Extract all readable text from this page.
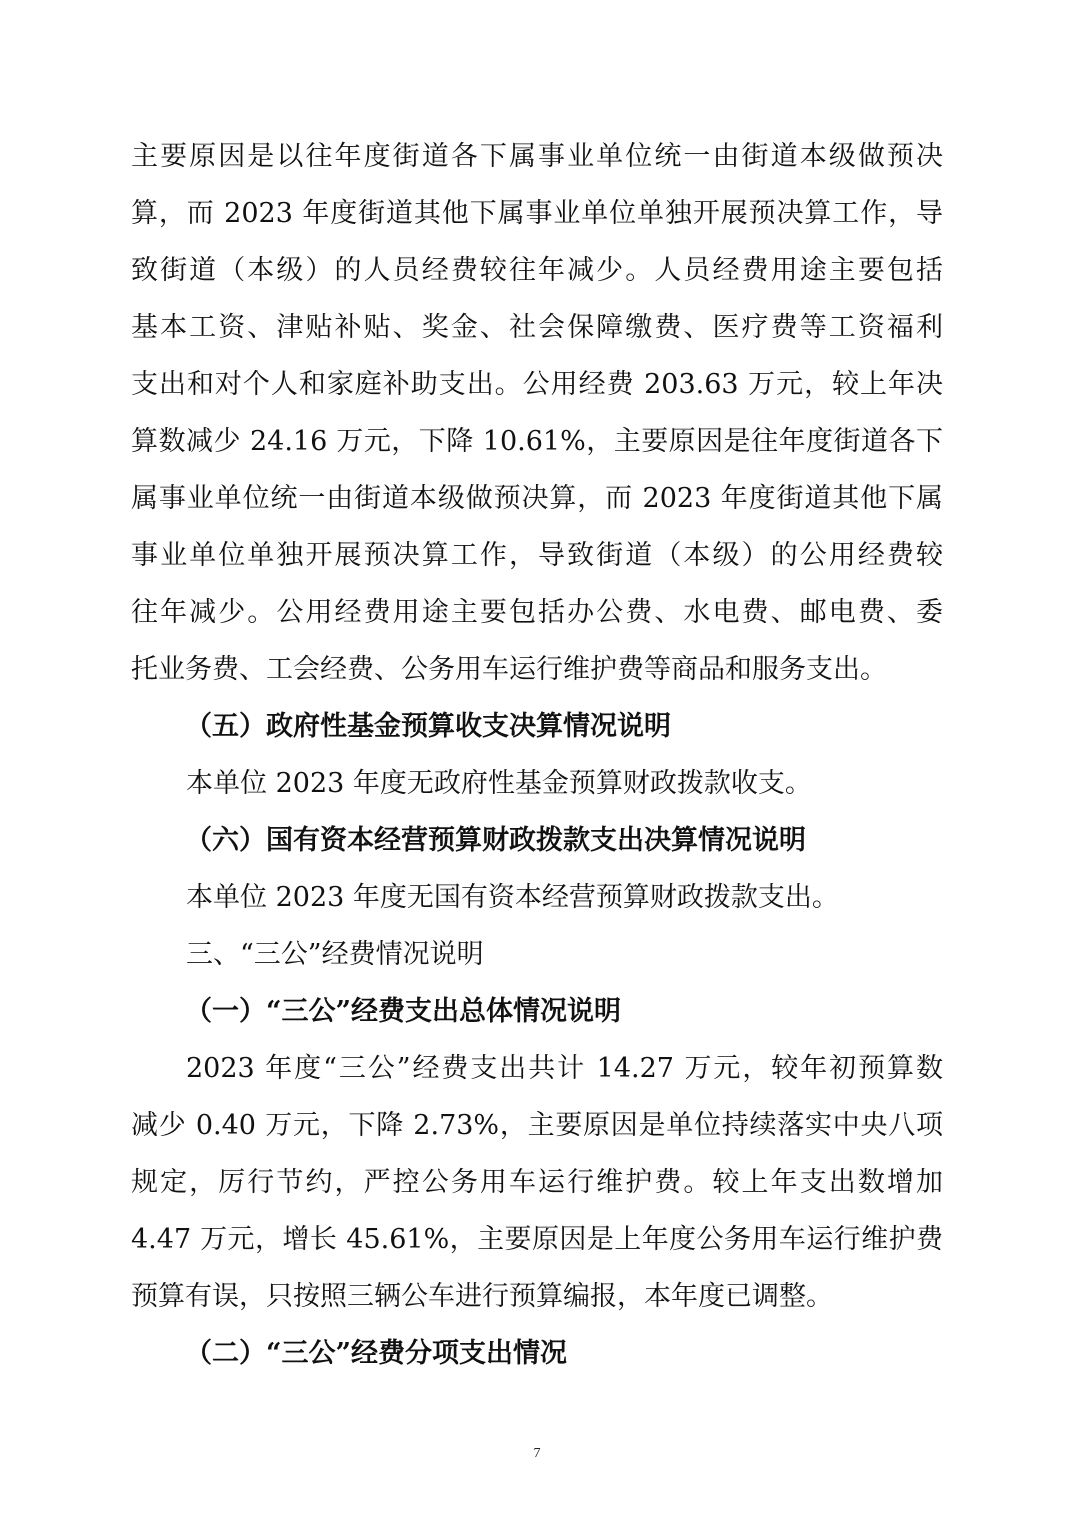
主要原因是以往年度街道各下属事业单位统一由街道本级做预决
算，而 2023 年度街道其他下属事业单位单独开展预决算工作，导
致街道（本级）的人员经费较往年减少。人员经费用途主要包括
基本工资、津贴补贴、奖金、社会保障缴费、医疗费等工资福利
支出和对个人和家庭补助支出。公用经费 203.63 万元，较上年决
算数减少 24.16 万元，下降 10.61%，主要原因是往年度街道各下
属事业单位统一由街道本级做预决算，而 2023 年度街道其他下属
事业单位单独开展预决算工作，导致街道（本级）的公用经费较
往年减少。公用经费用途主要包括办公费、水电费、邮电费、委
托业务费、工会经费、公务用车运行维护费等商品和服务支出。
（五）政府性基金预算收支决算情况说明
本单位 2023 年度无政府性基金预算财政拨款收支。
（六）国有资本经营预算财政拨款支出决算情况说明
本单位 2023 年度无国有资本经营预算财政拨款支出。
三、“三公”经费情况说明
（一）“三公”经费支出总体情况说明
2023 年度“三公”经费支出共计 14.27 万元，较年初预算数
减少 0.40 万元，下降 2.73%，主要原因是单位持续落实中央八项
规定，厉行节约，严控公务用车运行维护费。较上年支出数增加
4.47 万元，增长 45.61%，主要原因是上年度公务用车运行维护费
预算有误，只按照三辆公车进行预算编报，本年度已调整。
（二）“三公”经费分项支出情况
7
